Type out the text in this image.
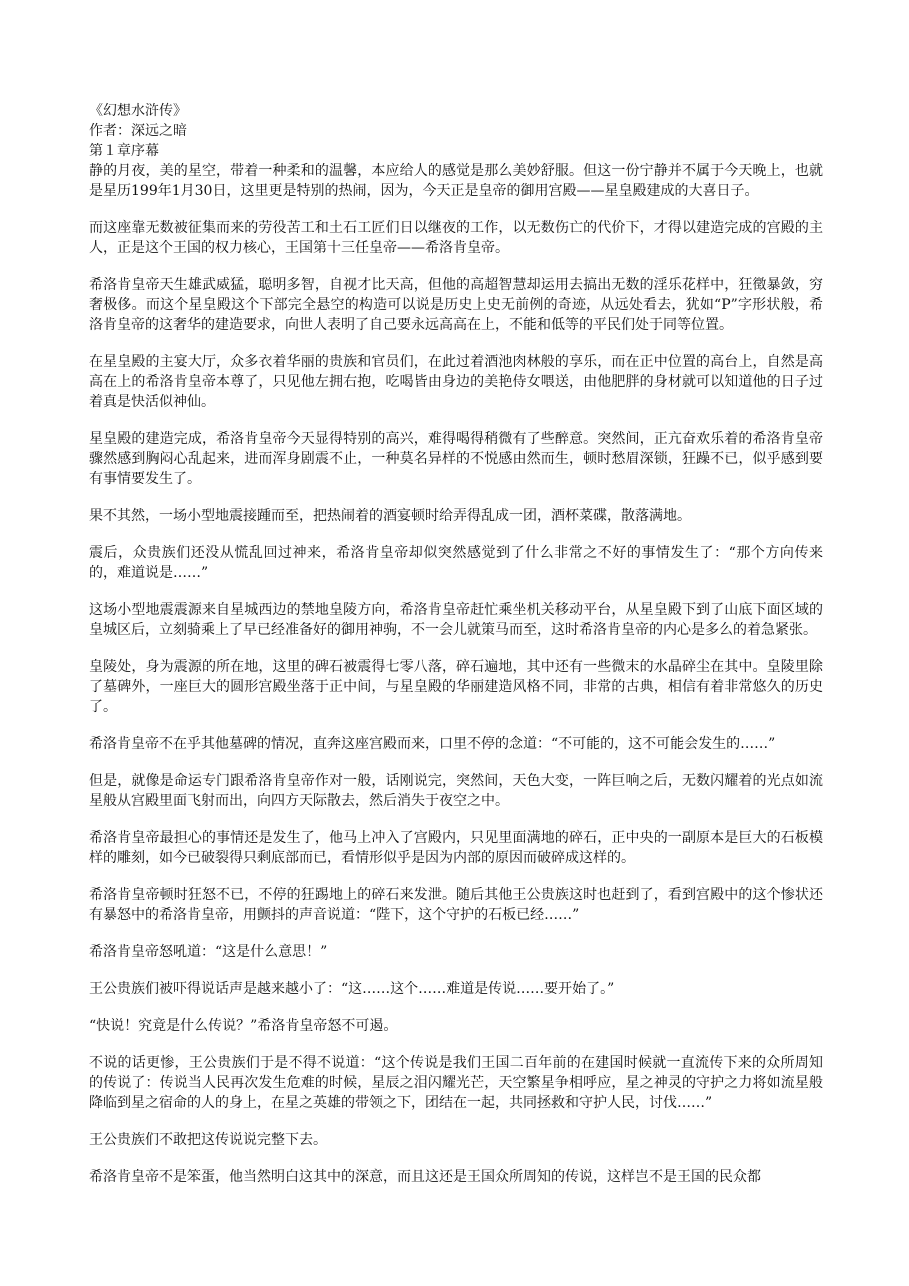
《幻想水浒传》
作者：深远之暗
第１章序幕

静的月夜，美的星空，带着一种柔和的温馨，本应给人的感觉是那么美妙舒服。但这一份宁静并不属于今天晚上，也就是星历199年1月30日，这里更是特别的热闹，因为，今天正是皇帝的御用宫殿——星皇殿建成的大喜日子。

而这座靠无数被征集而来的劳役苦工和土石工匠们日以继夜的工作，以无数伤亡的代价下，才得以建造完成的宫殿的主人，正是这个王国的权力核心，王国第十三任皇帝——希洛肯皇帝。

希洛肯皇帝天生雄武威猛，聪明多智，自视才比天高，但他的高超智慧却运用去搞出无数的淫乐花样中，狂徵暴敛，穷奢极侈。而这个星皇殿这个下部完全悬空的构造可以说是历史上史无前例的奇迹，从远处看去，犹如“P”字形状般，希洛肯皇帝的这奢华的建造要求，向世人表明了自己要永远高高在上，不能和低等的平民们处于同等位置。

在星皇殿的主宴大厅，众多衣着华丽的贵族和官员们，在此过着酒池肉林般的享乐，而在正中位置的高台上，自然是高高在上的希洛肯皇帝本尊了，只见他左拥右抱，吃喝皆由身边的美艳侍女喂送，由他肥胖的身材就可以知道他的日子过着真是快活似神仙。

星皇殿的建造完成，希洛肯皇帝今天显得特别的高兴，难得喝得稍微有了些醉意。突然间，正亢奋欢乐着的希洛肯皇帝骤然感到胸闷心乱起来，进而浑身剧震不止，一种莫名异样的不悦感由然而生，顿时愁眉深锁，狂躁不已，似乎感到要有事情要发生了。

果不其然，一场小型地震接踵而至，把热闹着的酒宴顿时给弄得乱成一团，酒杯菜碟，散落满地。

震后，众贵族们还没从慌乱回过神来，希洛肯皇帝却似突然感觉到了什么非常之不好的事情发生了：“那个方向传来的，难道说是……”

这场小型地震震源来自星城西边的禁地皇陵方向，希洛肯皇帝赶忙乘坐机关移动平台，从星皇殿下到了山底下面区域的皇城区后，立刻骑乘上了早已经准备好的御用神驹，不一会儿就策马而至，这时希洛肯皇帝的内心是多么的着急紧张。

皇陵处，身为震源的所在地，这里的碑石被震得七零八落，碎石遍地，其中还有一些微末的水晶碎尘在其中。皇陵里除了墓碑外，一座巨大的圆形宫殿坐落于正中间，与星皇殿的华丽建造风格不同，非常的古典，相信有着非常悠久的历史了。

希洛肯皇帝不在乎其他墓碑的情况，直奔这座宫殿而来，口里不停的念道：“不可能的，这不可能会发生的……”

但是，就像是命运专门跟希洛肯皇帝作对一般，话刚说完，突然间，天色大变，一阵巨响之后，无数闪耀着的光点如流星般从宫殿里面飞射而出，向四方天际散去，然后消失于夜空之中。

希洛肯皇帝最担心的事情还是发生了，他马上冲入了宫殿内，只见里面满地的碎石，正中央的一副原本是巨大的石板模样的雕刻，如今已破裂得只剩底部而已，看情形似乎是因为内部的原因而破碎成这样的。

希洛肯皇帝顿时狂怒不已，不停的狂踢地上的碎石来发泄。随后其他王公贵族这时也赶到了，看到宫殿中的这个惨状还有暴怒中的希洛肯皇帝，用颤抖的声音说道：“陛下，这个守护的石板已经……”

希洛肯皇帝怒吼道：“这是什么意思！”

王公贵族们被吓得说话声是越来越小了：“这……这个……难道是传说……要开始了。”

“快说！究竟是什么传说？”希洛肯皇帝怒不可遏。

不说的话更惨，王公贵族们于是不得不说道：“这个传说是我们王国二百年前的在建国时候就一直流传下来的众所周知的传说了：传说当人民再次发生危难的时候，星辰之泪闪耀光芒，天空繁星争相呼应，星之神灵的守护之力将如流星般降临到星之宿命的人的身上，在星之英雄的带领之下，团结在一起，共同拯救和守护人民，讨伐……”

王公贵族们不敢把这传说说完整下去。

希洛肯皇帝不是笨蛋，他当然明白这其中的深意，而且这还是王国众所周知的传说，这样岂不是王国的民众都
